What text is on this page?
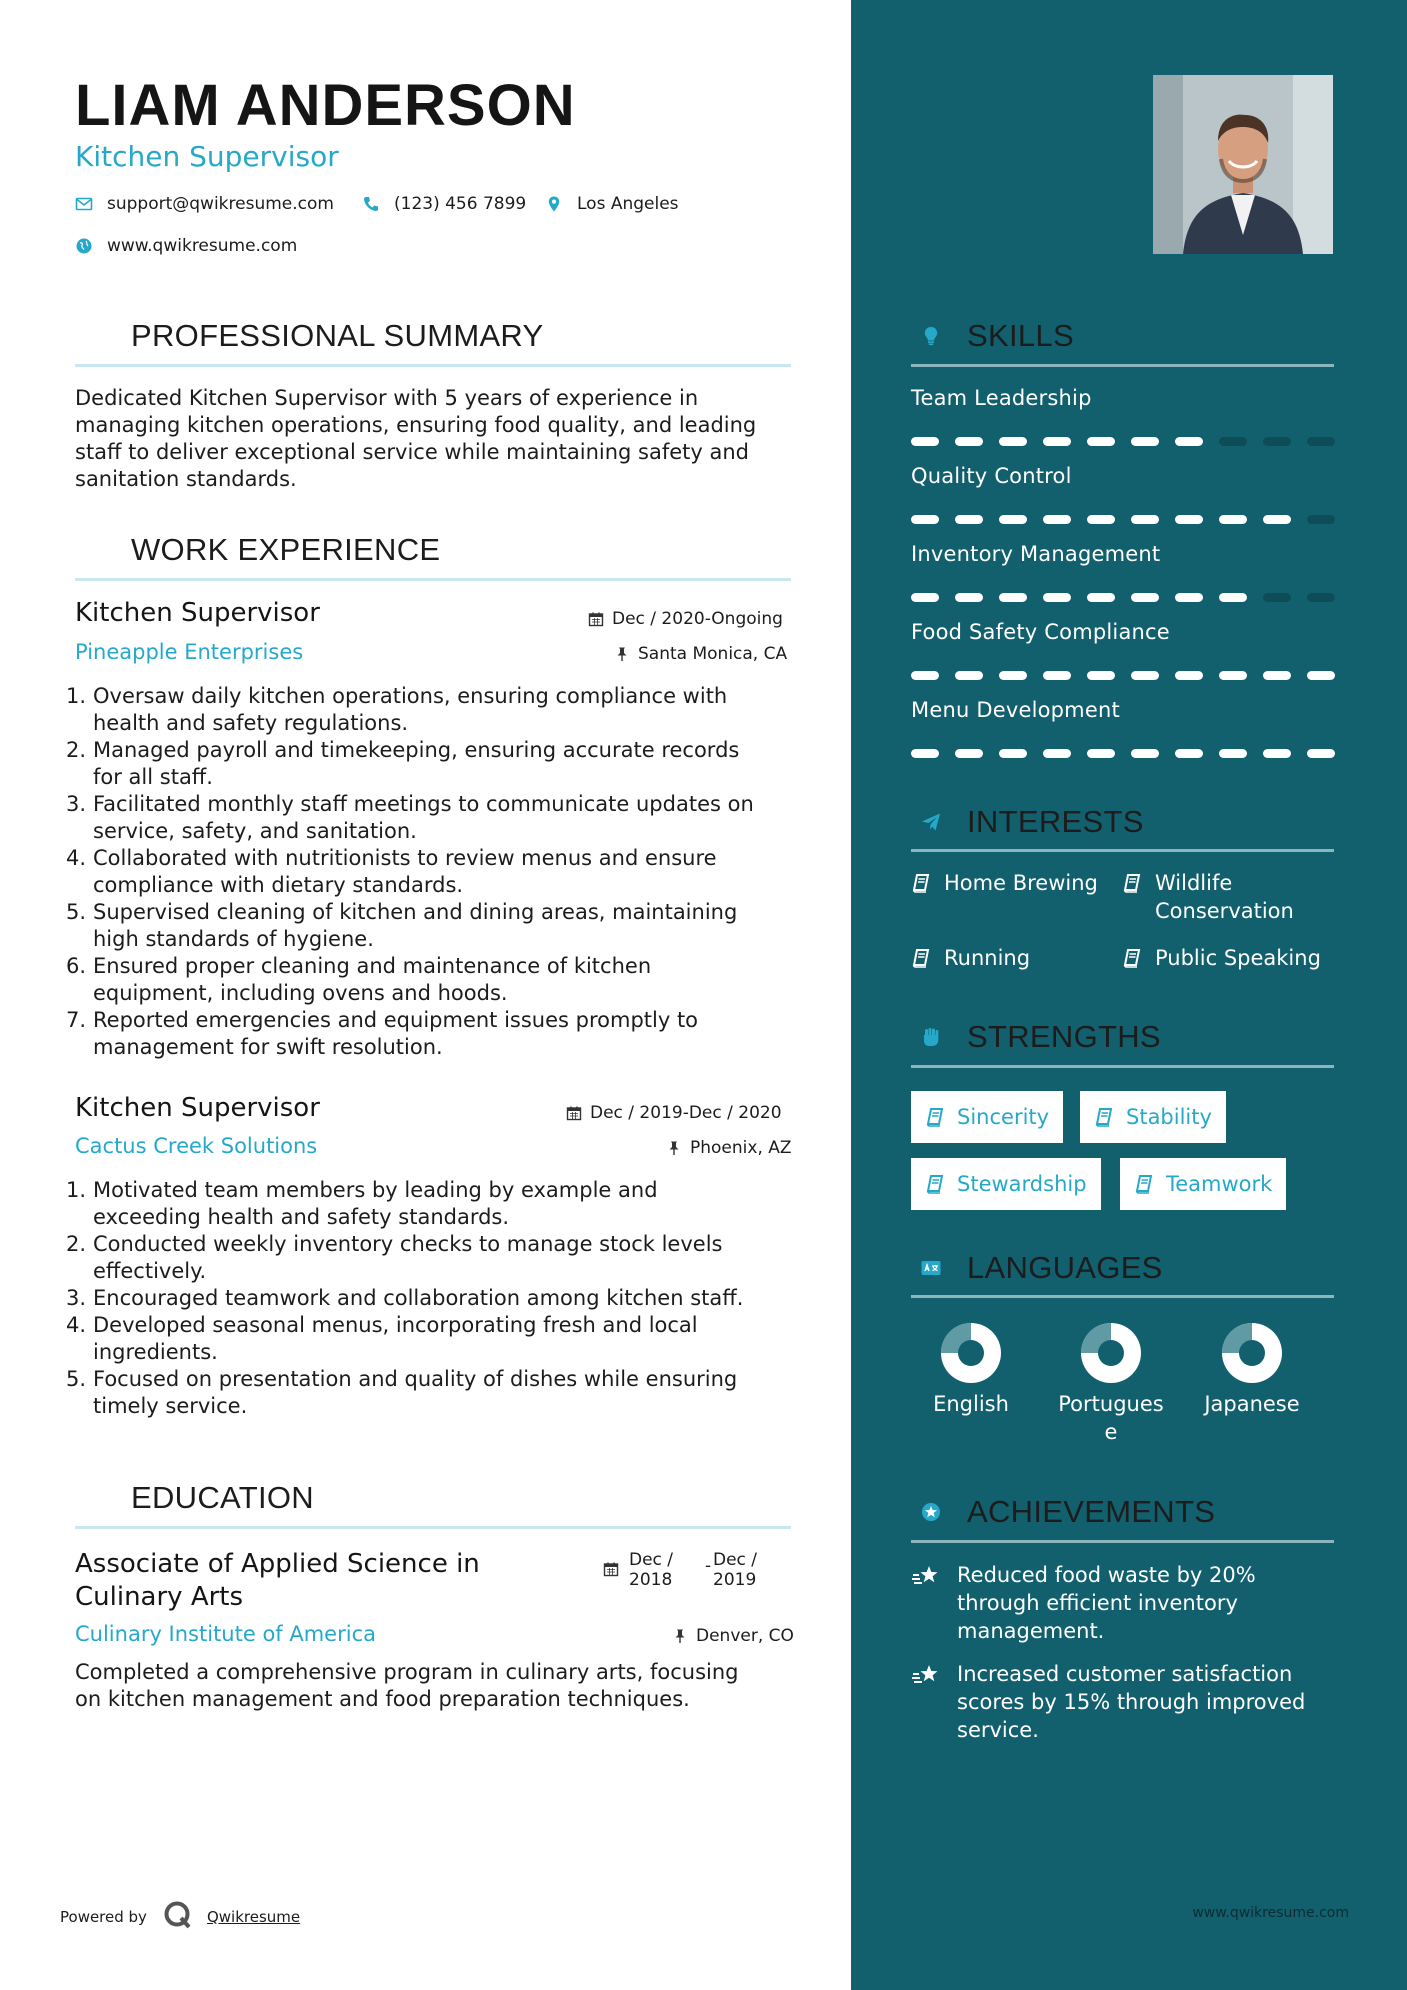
LIAM ANDERSON
Kitchen Supervisor
support@qwikresume.com	(123) 456 7899	Los Angeles
www.qwikresume.com
PROFESSIONAL SUMMARY
Dedicated Kitchen Supervisor with 5 years of experience in
managing kitchen operations, ensuring food quality, and leading
staff to deliver exceptional service while maintaining safety and
sanitation standards.
WORK EXPERIENCE
Kitchen Supervisor	Dec / 2020-Ongoing
Pineapple Enterprises	Santa Monica, CA
1. Oversaw daily kitchen operations, ensuring compliance with
health and safety regulations.
2. Managed payroll and timekeeping, ensuring accurate records
for all staff.
3. Facilitated monthly staff meetings to communicate updates on
service, safety, and sanitation.
4. Collaborated with nutritionists to review menus and ensure
compliance with dietary standards.
5. Supervised cleaning of kitchen and dining areas, maintaining
high standards of hygiene.
6. Ensured proper cleaning and maintenance of kitchen
equipment, including ovens and hoods.
7. Reported emergencies and equipment issues promptly to
management for swift resolution.
Kitchen Supervisor	Dec / 2019-Dec / 2020
Cactus Creek Solutions	Phoenix, AZ
1. Motivated team members by leading by example and
exceeding health and safety standards.
2. Conducted weekly inventory checks to manage stock levels
effectively.
3. Encouraged teamwork and collaboration among kitchen staff.
4. Developed seasonal menus, incorporating fresh and local
ingredients.
5. Focused on presentation and quality of dishes while ensuring
timely service.
EDUCATION
Associate of Applied Science in
Culinary Arts
Dec /
2018
- Dec /
2019
Culinary Institute of America	Denver, CO
Completed a comprehensive program in culinary arts, focusing
on kitchen management and food preparation techniques.
Powered by	Qwikresume	www.qwikresume.com
SKILLS
Team Leadership
Quality Control
Inventory Management
Food Safety Compliance
Menu Development
INTERESTS
Home Brewing	Wildlife
Conservation
Running	Public Speaking
STRENGTHS
Sincerity	Stability
Stewardship	Teamwork
LANGUAGES
English	Portugues
e
Japanese
ACHIEVEMENTS
Reduced food waste by 20%
through efficient inventory
management.
Increased customer satisfaction
scores by 15% through improved
service.
